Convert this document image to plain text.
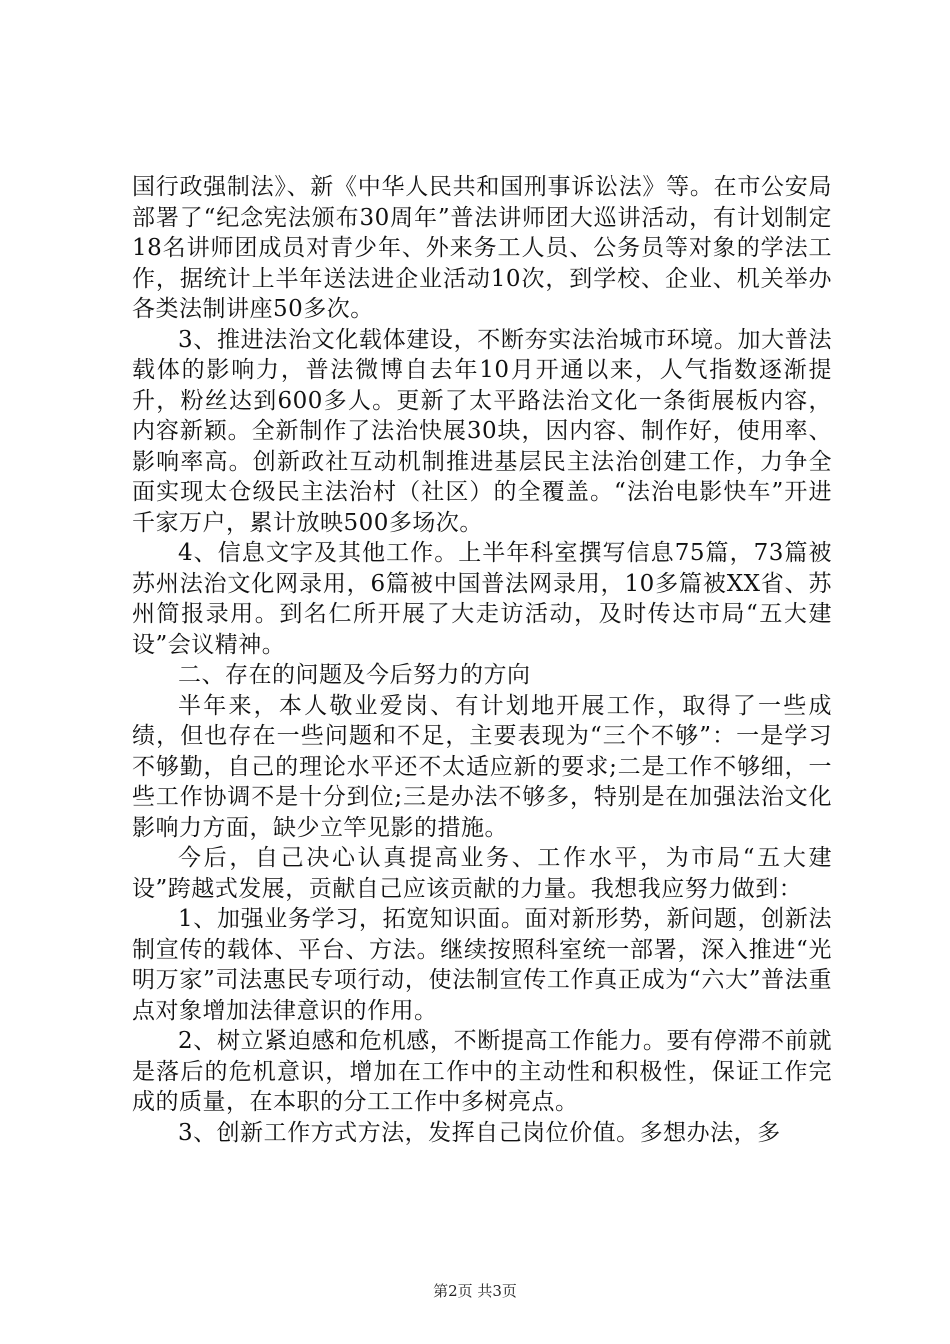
国行政强制法》、新《中华人民共和国刑事诉讼法》等。在市公安局部署了“纪念宪法颁布30周年”普法讲师团大巡讲活动，有计划制定18名讲师团成员对青少年、外来务工人员、公务员等对象的学法工作，据统计上半年送法进企业活动10次，到学校、企业、机关举办各类法制讲座50多次。

3、推进法治文化载体建设，不断夯实法治城市环境。加大普法载体的影响力，普法微博自去年10月开通以来，人气指数逐渐提升，粉丝达到600多人。更新了太平路法治文化一条街展板内容，内容新颖。全新制作了法治快展30块，因内容、制作好，使用率、影响率高。创新政社互动机制推进基层民主法治创建工作，力争全面实现太仓级民主法治村（社区）的全覆盖。“法治电影快车”开进千家万户，累计放映500多场次。

4、信息文字及其他工作。上半年科室撰写信息75篇，73篇被苏州法治文化网录用，6篇被中国普法网录用，10多篇被XX省、苏州简报录用。到名仁所开展了大走访活动，及时传达市局“五大建设”会议精神。

二、存在的问题及今后努力的方向

半年来，本人敬业爱岗、有计划地开展工作，取得了一些成绩，但也存在一些问题和不足，主要表现为“三个不够”：一是学习不够勤，自己的理论水平还不太适应新的要求;二是工作不够细，一些工作协调不是十分到位;三是办法不够多，特别是在加强法治文化影响力方面，缺少立竿见影的措施。

今后，自己决心认真提高业务、工作水平，为市局“五大建设”跨越式发展，贡献自己应该贡献的力量。我想我应努力做到：

1、加强业务学习，拓宽知识面。面对新形势，新问题，创新法制宣传的载体、平台、方法。继续按照科室统一部署，深入推进“光明万家”司法惠民专项行动，使法制宣传工作真正成为“六大”普法重点对象增加法律意识的作用。

2、树立紧迫感和危机感，不断提高工作能力。要有停滞不前就是落后的危机意识，增加在工作中的主动性和积极性，保证工作完成的质量，在本职的分工工作中多树亮点。

3、创新工作方式方法，发挥自己岗位价值。多想办法，多

第2页 共3页
